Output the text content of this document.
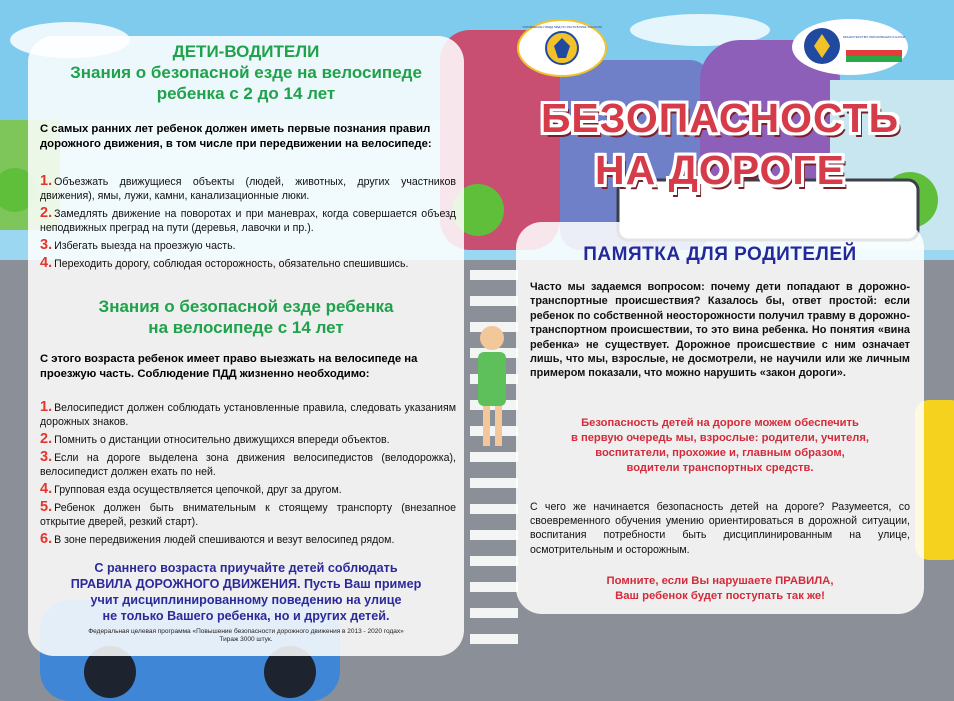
УПРАВЛЕНИЕ ГИБДД МВД ПО РЕСПУБЛИКЕ ХАКАСИЯ
МИНИСТЕРСТВО ОБРАЗОВАНИЯ И НАУКИ
БЕЗОПАСНОСТЬ
НА ДОРОГЕ
ДЕТИ-ВОДИТЕЛИ
Знания о безопасной езде на велосипеде
ребенка с 2 до 14 лет

С самых ранних лет ребенок должен иметь первые познания правил дорожного движения, в том числе при передвижении на велосипеде:

1. Объезжать движущиеся объекты (людей, животных, других участников движения), ямы, лужи, камни, канализационные люки.
2. Замедлять движение на поворотах и при маневрах, когда совершается объезд неподвижных преград на пути (деревья, лавочки и пр.).
3. Избегать выезда на проезжую часть.
4. Переходить дорогу, соблюдая осторожность, обязательно спешившись.
Знания о безопасной езде ребенка
на велосипеде с 14 лет

С этого возраста ребенок имеет право выезжать на велосипеде на проезжую часть. Соблюдение ПДД жизненно необходимо:

1. Велосипедист должен соблюдать установленные правила, следовать указаниям дорожных знаков.
2. Помнить о дистанции относительно движущихся впереди объектов.
3. Если на дороге выделена зона движения велосипедистов (велодорожка), велосипедист должен ехать по ней.
4. Групповая езда осуществляется цепочкой, друг за другом.
5. Ребенок должен быть внимательным к стоящему транспорту (внезапное открытие дверей, резкий старт).
6. В зоне передвижения людей спешиваются и везут велосипед рядом.

С раннего возраста приучайте детей соблюдать
ПРАВИЛА ДОРОЖНОГО ДВИЖЕНИЯ. Пусть Ваш пример
учит дисциплинированному поведению на улице
не только Вашего ребенка, но и других детей.

Федеральная целевая программа «Повышение безопасности дорожного движения в 2013 - 2020 годах»
Тираж 3000 штук.

ПАМЯТКА ДЛЯ РОДИТЕЛЕЙ

Часто мы задаемся вопросом: почему дети попадают в дорожно-транспортные происшествия? Казалось бы, ответ простой: если ребенок по собственной неосторожности получил травму в дорожно-транспортном происшествии, то это вина ребенка. Но понятия «вина ребенка» не существует. Дорожное происшествие с ним означает лишь, что мы, взрослые, не досмотрели, не научили или же личным примером показали, что можно нарушить «закон дороги».

Безопасность детей на дороге можем обеспечить
в первую очередь мы, взрослые: родители, учителя,
воспитатели, прохожие и, главным образом,
водители транспортных средств.

С чего же начинается безопасность детей на дороге? Разумеется, со своевременного обучения умению ориентироваться в дорожной ситуации, воспитания потребности быть дисциплинированным на улице, осмотрительным и осторожным.

Помните, если Вы нарушаете ПРАВИЛА,
Ваш ребенок будет поступать так же!
